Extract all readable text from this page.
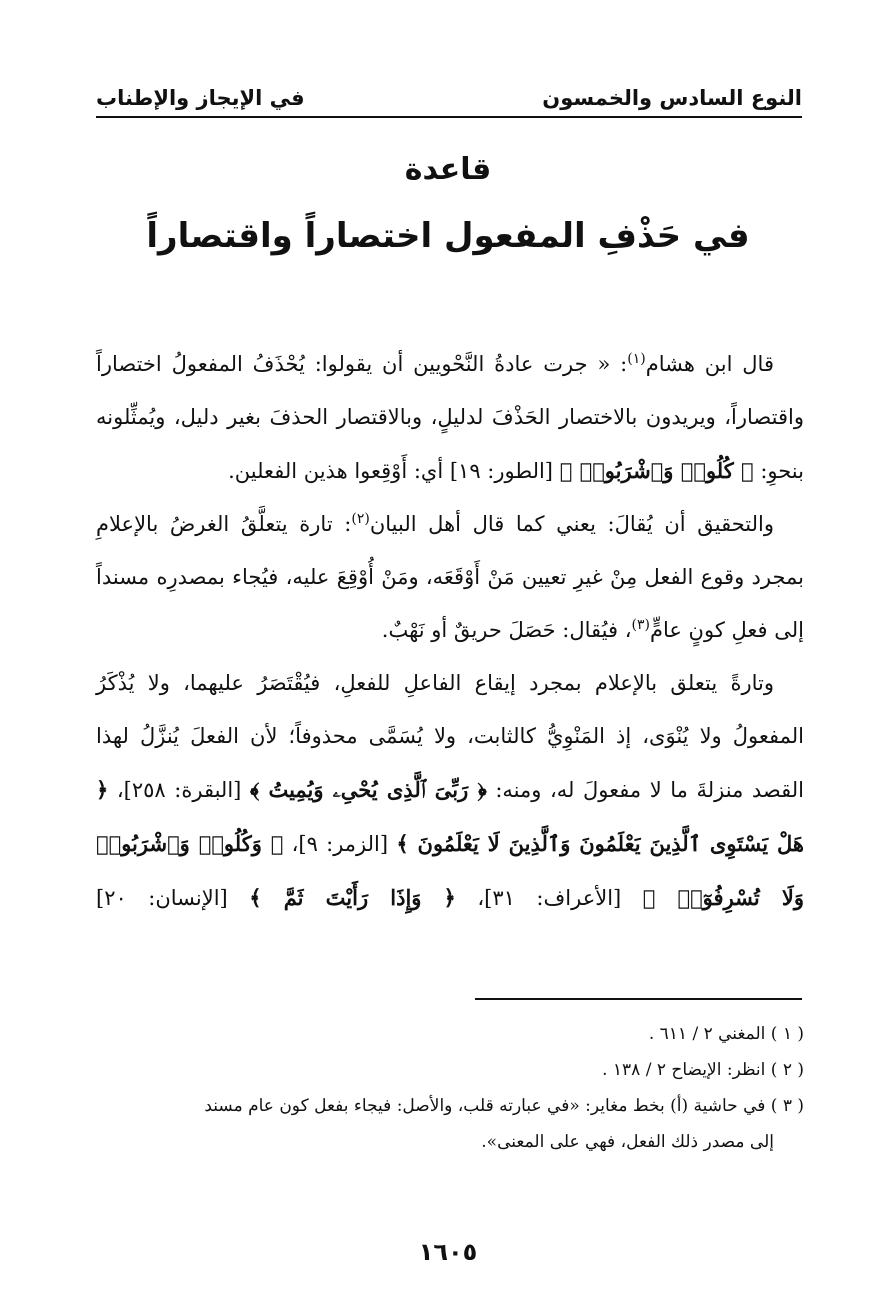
النوع السادس والخمسون
في الإيجاز والإطناب
قاعدة
في حَذْفِ المفعول اختصاراً واقتصاراً

قال ابن هشام$^{(١)}$: « جرت عادةُ النَّحْويين أن يقولوا: يُحْذَفُ المفعولُ اختصاراً واقتصاراً، ويريدون بالاختصار الحَذْفَ لدليلٍ، وبالاقتصار الحذفَ بغير دليل، ويُمثِّلونه بنحوِ: ﴿ كُلُوا۟ وَٱشْرَبُوا۟ ﴾ [الطور: ١٩] أي: أَوْقِعوا هذين الفعلين.

والتحقيق أن يُقالَ: يعني كما قال أهل البيان$^{(٢)}$: تارة يتعلَّقُ الغرضُ بالإعلامِ بمجرد وقوع الفعل مِنْ غيرِ تعيين مَنْ أَوْقَعَه، ومَنْ أُوْقِعَ عليه، فيُجاء بمصدرِه مسنداً إلى فعلِ كونٍ عامٍّ$^{(٣)}$، فيُقال: حَصَلَ حريقٌ أو نَهْبٌ.

وتارةً يتعلق بالإعلام بمجرد إيقاع الفاعلِ للفعلِ، فيُقْتَصَرُ عليهما، ولا يُذْكَرُ المفعولُ ولا يُنْوَى، إذ المَنْوِيُّ كالثابت، ولا يُسَمَّى محذوفاً؛ لأن الفعلَ يُنزَّلُ لهذا القصد منزلةَ ما لا مفعولَ له، ومنه: ﴿ رَبِّىَ ٱلَّذِى يُحْىِۦ وَيُمِيتُ ﴾ [البقرة: ٢٥٨]، ﴿ هَلْ يَسْتَوِى ٱلَّذِينَ يَعْلَمُونَ وَٱلَّذِينَ لَا يَعْلَمُونَ ﴾ [الزمر: ٩]، ﴿ وَكُلُوا۟ وَٱشْرَبُوا۟ وَلَا تُسْرِفُوٓا۟ ﴾ [الأعراف: ٣١]، ﴿ وَإِذَا رَأَيْتَ ثَمَّ ﴾ [الإنسان: ٢٠]

( ١ ) المغني ٢ / ٦١١ .

( ٢ ) انظر: الإيضاح ٢ / ١٣٨ .

( ٣ ) في حاشية (أ) بخط مغاير: «في عبارته قلب، والأصل: فيجاء بفعل كون عام مسند

إلى مصدر ذلك الفعل، فهي على المعنى».

١٦٠٥
